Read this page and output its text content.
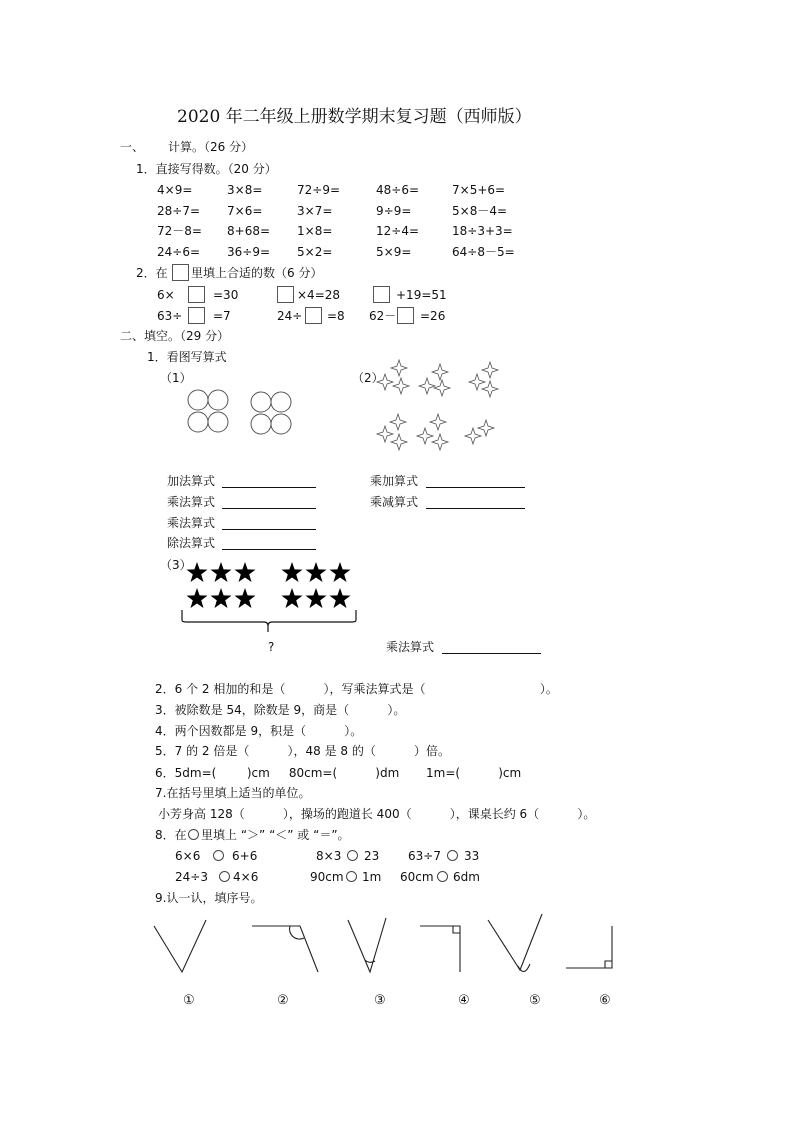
2020 年二年级上册数学期末复习题（西师版）
一、 计算。（26 分）
1．直接写得数。（20 分）
4×9=	3×8=	72÷9=	48÷6=	7×5+6=
28÷7= 7×6=	3×7=	9÷9=	5×8－4=
72－8= 8+68= 1×8=	12÷4=	18÷3+3=
24÷6= 36÷9= 5×2=	5×9=	64÷8－5=
2．在 里填上合适的数（6 分）
6×	=30	×4=28	+19=51
63÷	=7	24÷ =8 62－ =26
二、填空。（29 分）
1．看图写算式
（1）	（2）
加法算式	乘加算式
乘法算式	乘减算式
乘法算式
除法算式
（3）
?	乘法算式
2．6 个 2 相加的和是（          ），写乘法算式是（                              ）。
3．被除数是 54，除数是 9，商是（          ）。
4．两个因数都是 9，积是（          ）。
5．7 的 2 倍是（          ），48 是 8 的（          ）倍。
6．5dm=(        )cm     80cm=(          )dm       1m=(          )cm
7.在括号里填上适当的单位。
小芳身高 128（          ），操场的跑道长 400（          ），课桌长约 6（          ）。
8．在 里填上 “＞” “＜” 或 “＝”。
6×6	6+6	8×3 23 63÷7 33
24÷3 4×6	90cm 1m 60cm 6dm
9.认一认，填序号。
①	②	③	④	⑤	⑥
